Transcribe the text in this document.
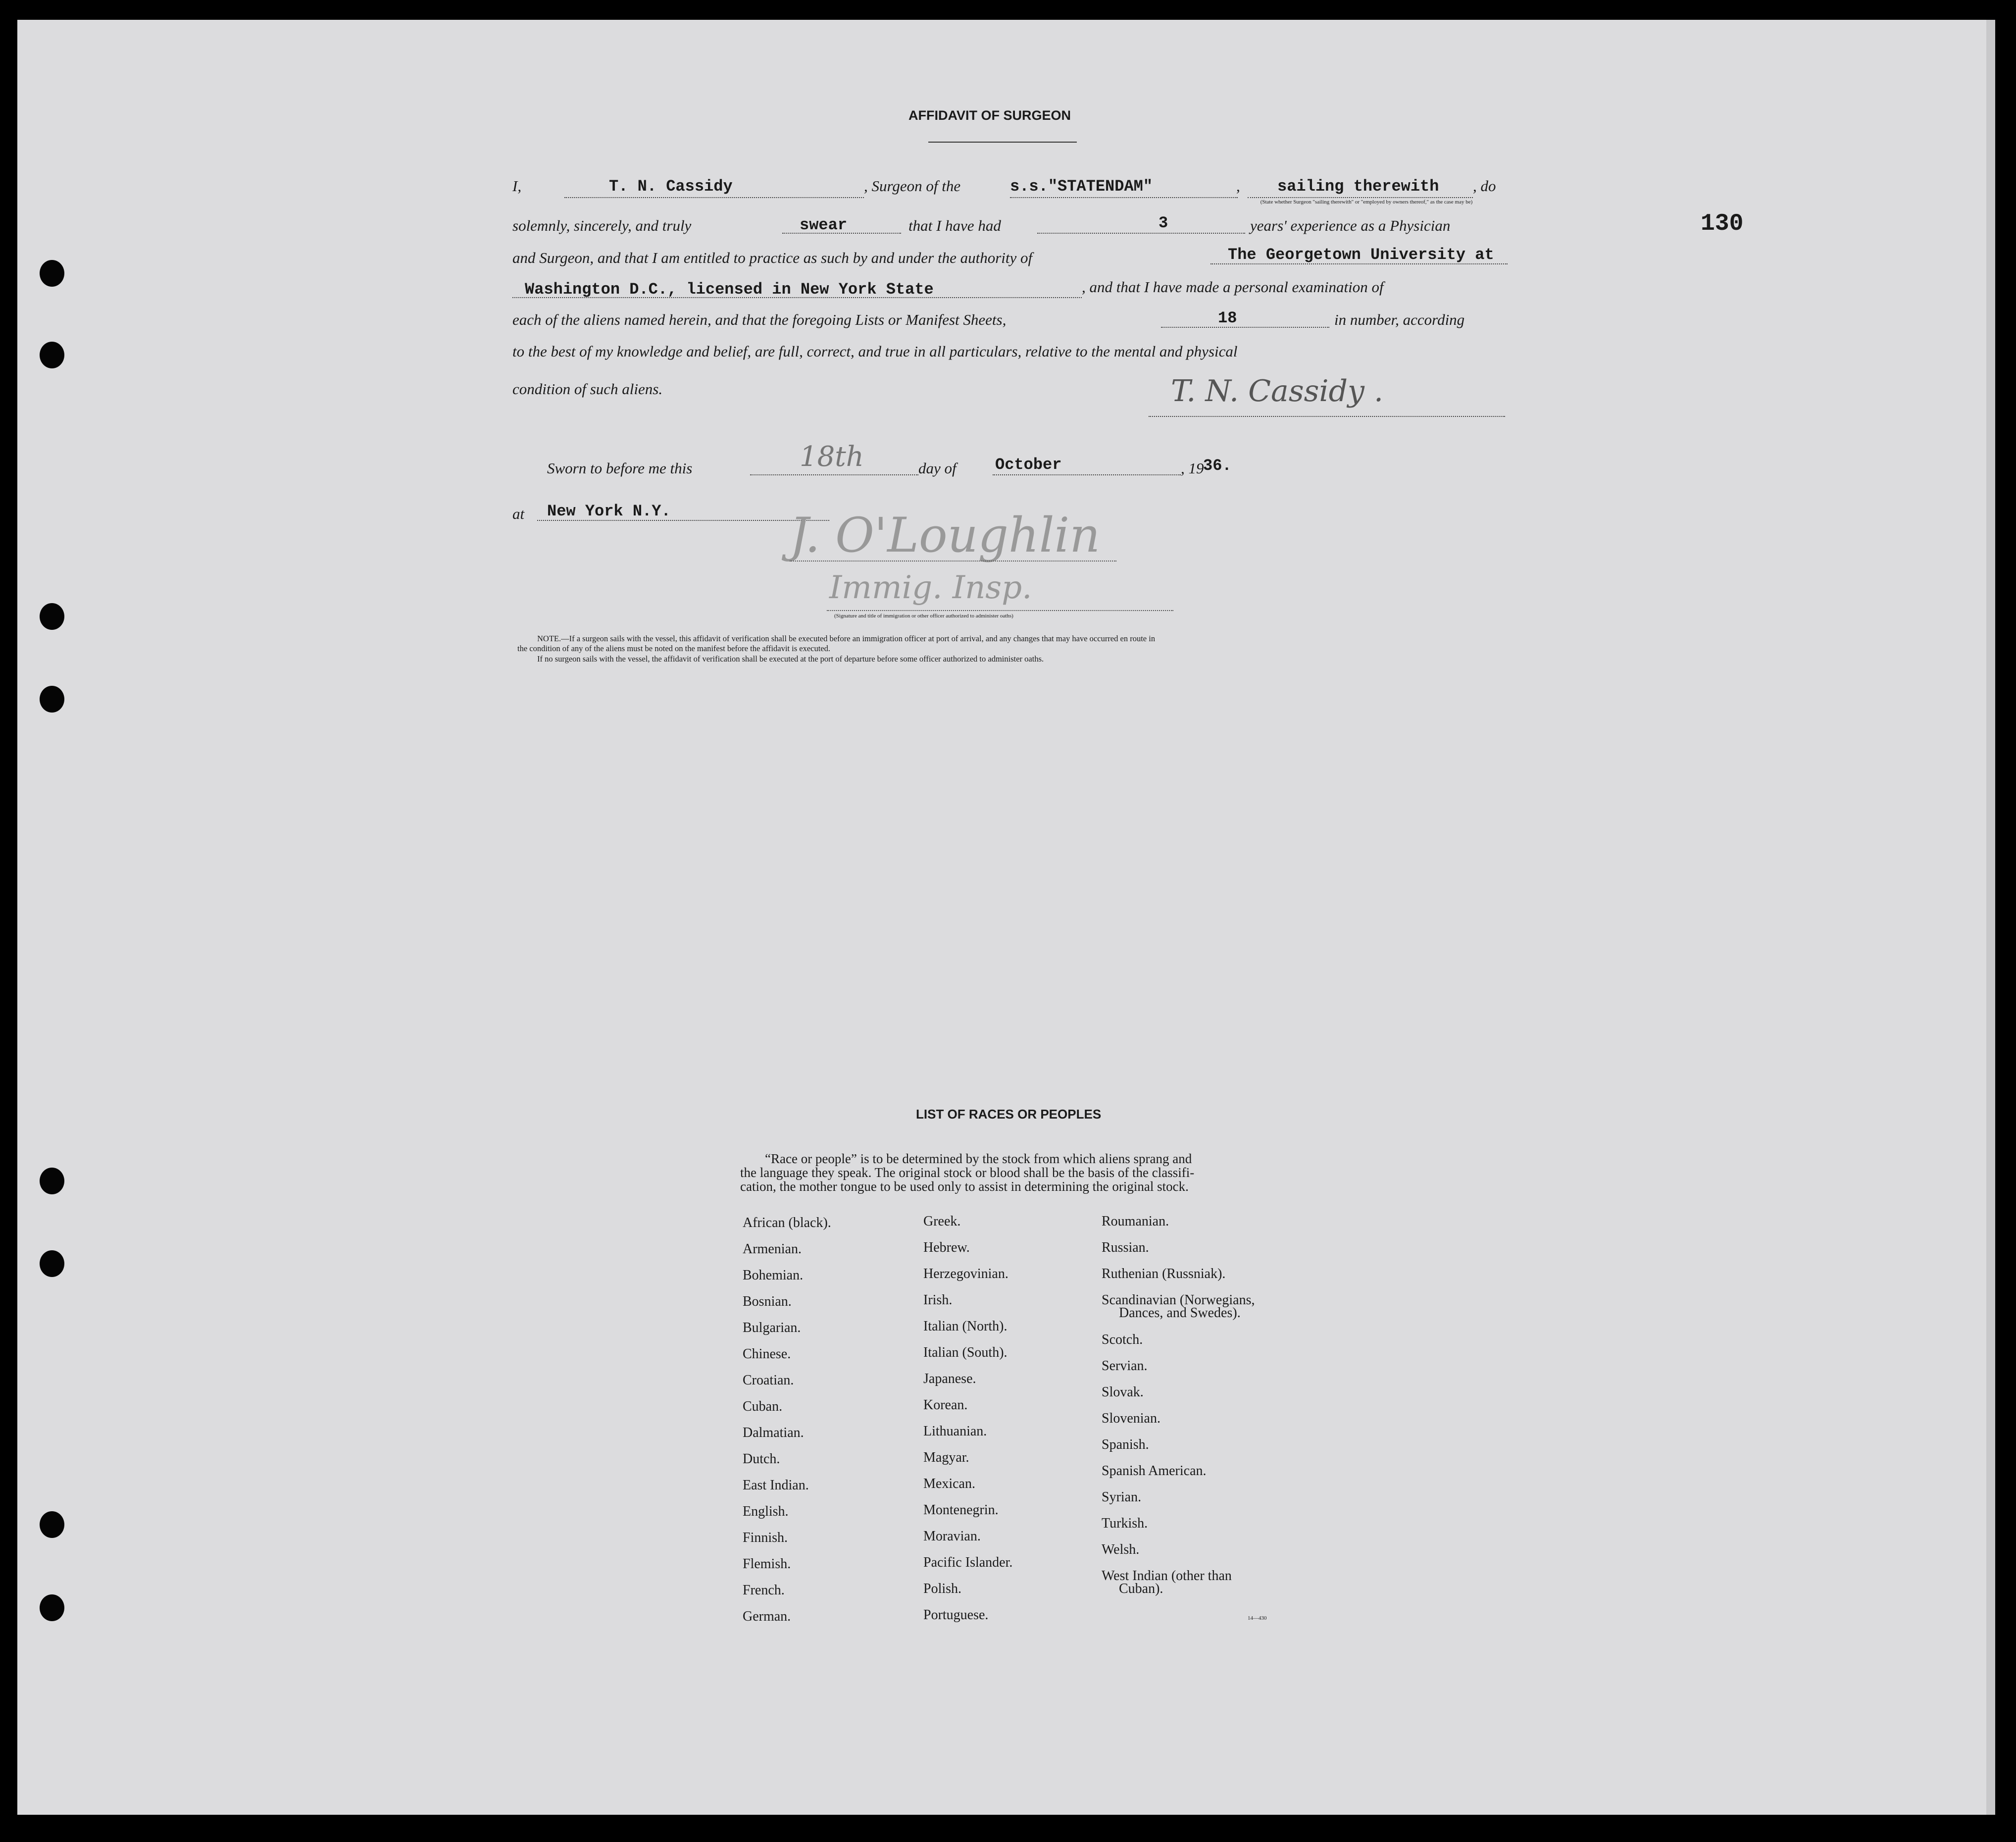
130
AFFIDAVIT OF SURGEON
I,	T. N. Cassidy	, Surgeon of the	s.s."STATENDAM"	, sailing therewith , do
(State whether Surgeon "sailing therewith" or "employed by owners thereof," as the case may be)
solemnly, sincerely, and truly	swear	that I have had	3	years' experience as a Physician
and Surgeon, and that I am entitled to practice as such by and under the authority of	The Georgetown University at
Washington D.C., licensed in New York State	, and that I have made a personal examination of
each of the aliens named herein, and that the foregoing Lists or Manifest Sheets,	18	in number, according
to the best of my knowledge and belief, are full, correct, and true in all particulars, relative to the mental and physical
condition of such aliens.	T. N. Cassidy .
Sworn to before me this	18th	day of October	, 19
36.
at New York N.Y.	J. O'Loughlin
Immig. Insp.
(Signature and title of immigration or other officer authorized to administer oaths)
NOTE.—If a surgeon sails with the vessel, this affidavit of verification shall be executed before an immigration officer at port of arrival, and any changes that may have occurred en route in
the condition of any of the aliens must be noted on the manifest before the affidavit is executed.
If no surgeon sails with the vessel, the affidavit of verification shall be executed at the port of departure before some officer authorized to administer oaths.
LIST OF RACES OR PEOPLES
“Race or people” is to be determined by the stock from which aliens sprang and
the language they speak. The original stock or blood shall be the basis of the classifi-
cation, the mother tongue to be used only to assist in determining the original stock.
African (black).
Armenian.
Bohemian.
Bosnian.
Bulgarian.
Chinese.
Croatian.
Cuban.
Dalmatian.
Dutch.
East Indian.
English.
Finnish.
Flemish.
French.
German.
Greek.
Hebrew.
Herzegovinian.
Irish.
Italian (North).
Italian (South).
Japanese.
Korean.
Lithuanian.
Magyar.
Mexican.
Montenegrin.
Moravian.
Pacific Islander.
Polish.
Portuguese.
Roumanian.
Russian.
Ruthenian (Russniak).
Scandinavian (Norwegians,
Dances, and Swedes).
Scotch.
Servian.
Slovak.
Slovenian.
Spanish.
Spanish American.
Syrian.
Turkish.
Welsh.
West Indian (other than
Cuban).
14—430
